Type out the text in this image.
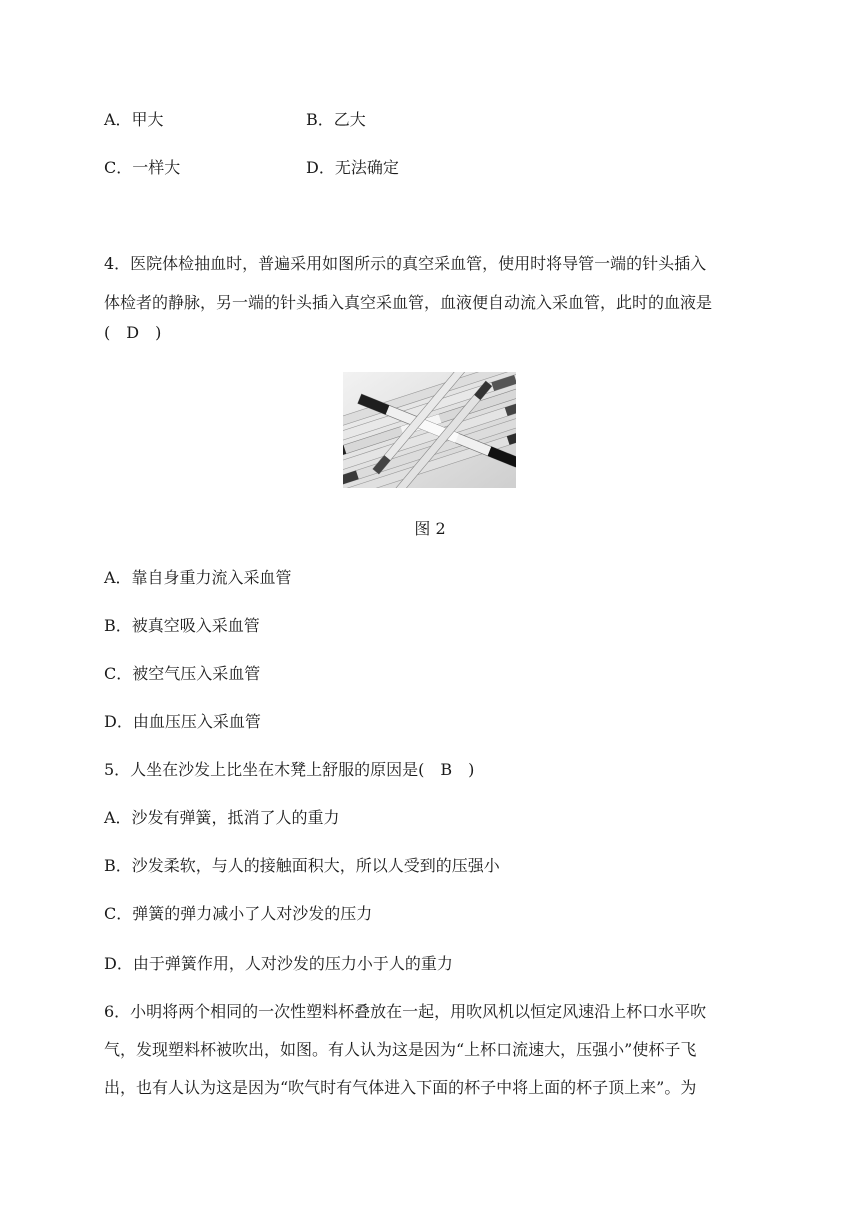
A．甲大	B．乙大
C．一样大	D．无法确定
4．医院体检抽血时，普遍采用如图所示的真空采血管，使用时将导管一端的针头插入
体检者的静脉，另一端的针头插入真空采血管，血液便自动流入采血管，此时的血液是
(　D　)
图 2
A．靠自身重力流入采血管
B．被真空吸入采血管
C．被空气压入采血管
D．由血压压入采血管
5．人坐在沙发上比坐在木凳上舒服的原因是(　B　)
A．沙发有弹簧，抵消了人的重力
B．沙发柔软，与人的接触面积大，所以人受到的压强小
C．弹簧的弹力减小了人对沙发的压力
D．由于弹簧作用，人对沙发的压力小于人的重力
6．小明将两个相同的一次性塑料杯叠放在一起，用吹风机以恒定风速沿上杯口水平吹
气，发现塑料杯被吹出，如图。有人认为这是因为“上杯口流速大，压强小”使杯子飞
出，也有人认为这是因为“吹气时有气体进入下面的杯子中将上面的杯子顶上来”。为
